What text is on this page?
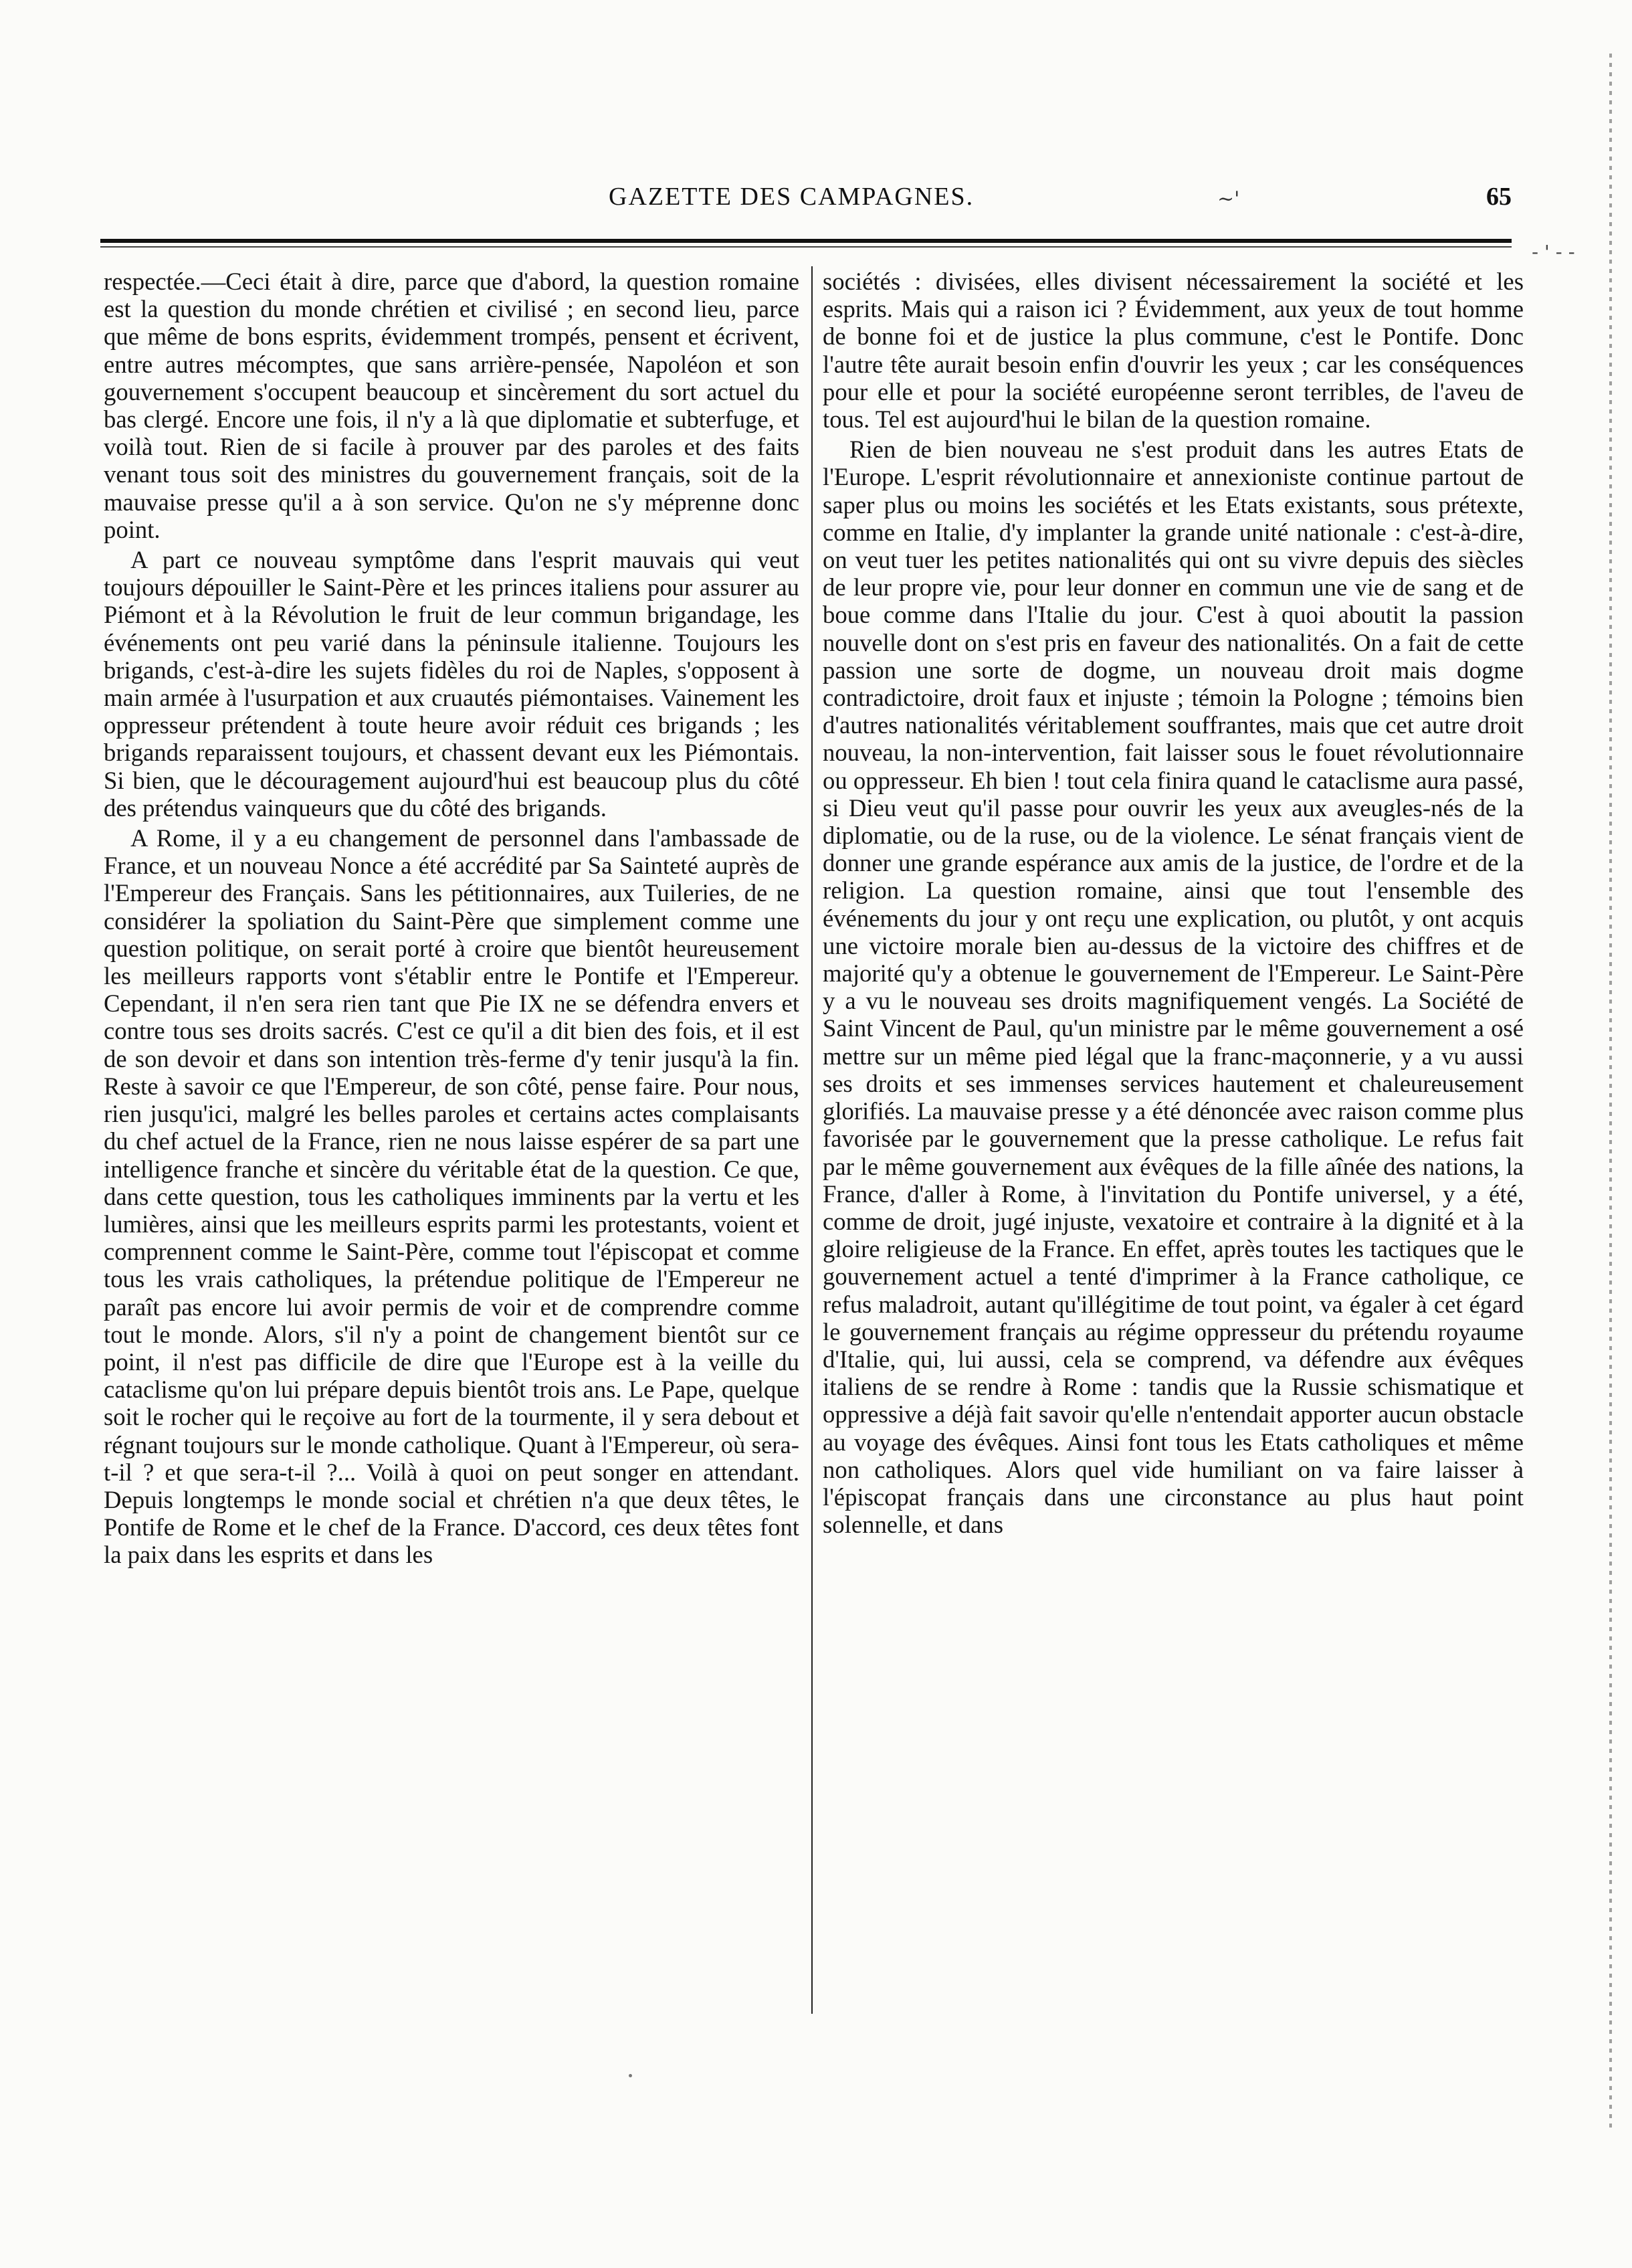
- ' - -
GAZETTE DES CAMPAGNES.	~'	65

respectée.—Ceci était à dire, parce que d'abord, la question romaine est la question du monde chrétien et civilisé ; en second lieu, parce que même de bons esprits, évidemment trompés, pensent et écrivent, entre autres mécomptes, que sans arrière-pensée, Napoléon et son gouvernement s'occupent beaucoup et sincèrement du sort actuel du bas clergé. Encore une fois, il n'y a là que diplomatie et subterfuge, et voilà tout. Rien de si facile à prouver par des paroles et des faits venant tous soit des ministres du gouvernement français, soit de la mauvaise presse qu'il a à son service. Qu'on ne s'y méprenne donc point.

A part ce nouveau symptôme dans l'esprit mauvais qui veut toujours dépouiller le Saint-Père et les princes italiens pour assurer au Piémont et à la Révolution le fruit de leur commun brigandage, les événements ont peu varié dans la péninsule italienne. Toujours les brigands, c'est-à-dire les sujets fidèles du roi de Naples, s'opposent à main armée à l'usurpation et aux cruautés piémontaises. Vainement les oppresseur prétendent à toute heure avoir réduit ces brigands ; les brigands reparaissent toujours, et chassent devant eux les Piémontais. Si bien, que le découragement aujourd'hui est beaucoup plus du côté des prétendus vainqueurs que du côté des brigands.

A Rome, il y a eu changement de personnel dans l'ambassade de France, et un nouveau Nonce a été accrédité par Sa Sainteté auprès de l'Empereur des Français. Sans les pétitionnaires, aux Tuileries, de ne considérer la spoliation du Saint-Père que simplement comme une question politique, on serait porté à croire que bientôt heureusement les meilleurs rapports vont s'établir entre le Pontife et l'Empereur. Cependant, il n'en sera rien tant que Pie IX ne se défendra envers et contre tous ses droits sacrés. C'est ce qu'il a dit bien des fois, et il est de son devoir et dans son intention très-ferme d'y tenir jusqu'à la fin. Reste à savoir ce que l'Empereur, de son côté, pense faire. Pour nous, rien jusqu'ici, malgré les belles paroles et certains actes complaisants du chef actuel de la France, rien ne nous laisse espérer de sa part une intelligence franche et sincère du véritable état de la question. Ce que, dans cette question, tous les catholiques imminents par la vertu et les lumières, ainsi que les meilleurs esprits parmi les protestants, voient et comprennent comme le Saint-Père, comme tout l'épiscopat et comme tous les vrais catholiques, la prétendue politique de l'Empereur ne paraît pas encore lui avoir permis de voir et de comprendre comme tout le monde. Alors, s'il n'y a point de changement bientôt sur ce point, il n'est pas difficile de dire que l'Europe est à la veille du cataclisme qu'on lui prépare depuis bientôt trois ans. Le Pape, quelque soit le rocher qui le reçoive au fort de la tourmente, il y sera debout et régnant toujours sur le monde catholique. Quant à l'Empereur, où sera-t-il ? et que sera-t-il ?... Voilà à quoi on peut songer en attendant. Depuis longtemps le monde social et chrétien n'a que deux têtes, le Pontife de Rome et le chef de la France. D'accord, ces deux têtes font la paix dans les esprits et dans les

sociétés : divisées, elles divisent nécessairement la société et les esprits. Mais qui a raison ici ? Évidemment, aux yeux de tout homme de bonne foi et de justice la plus commune, c'est le Pontife. Donc l'autre tête aurait besoin enfin d'ouvrir les yeux ; car les conséquences pour elle et pour la société européenne seront terribles, de l'aveu de tous. Tel est aujourd'hui le bilan de la question romaine.

Rien de bien nouveau ne s'est produit dans les autres Etats de l'Europe. L'esprit révolutionnaire et annexioniste continue partout de saper plus ou moins les sociétés et les Etats existants, sous prétexte, comme en Italie, d'y implanter la grande unité nationale : c'est-à-dire, on veut tuer les petites nationalités qui ont su vivre depuis des siècles de leur propre vie, pour leur donner en commun une vie de sang et de boue comme dans l'Italie du jour. C'est à quoi aboutit la passion nouvelle dont on s'est pris en faveur des nationalités. On a fait de cette passion une sorte de dogme, un nouveau droit mais dogme contradictoire, droit faux et injuste ; témoin la Pologne ; témoins bien d'autres nationalités véritablement souffrantes, mais que cet autre droit nouveau, la non-intervention, fait laisser sous le fouet révolutionnaire ou oppresseur. Eh bien ! tout cela finira quand le cataclisme aura passé, si Dieu veut qu'il passe pour ouvrir les yeux aux aveugles-nés de la diplomatie, ou de la ruse, ou de la violence. Le sénat français vient de donner une grande espérance aux amis de la justice, de l'ordre et de la religion. La question romaine, ainsi que tout l'ensemble des événements du jour y ont reçu une explication, ou plutôt, y ont acquis une victoire morale bien au-dessus de la victoire des chiffres et de majorité qu'y a obtenue le gouvernement de l'Empereur. Le Saint-Père y a vu le nouveau ses droits magnifiquement vengés. La Société de Saint Vincent de Paul, qu'un ministre par le même gouvernement a osé mettre sur un même pied légal que la franc-maçonnerie, y a vu aussi ses droits et ses immenses services hautement et chaleureusement glorifiés. La mauvaise presse y a été dénoncée avec raison comme plus favorisée par le gouvernement que la presse catholique. Le refus fait par le même gouvernement aux évêques de la fille aînée des nations, la France, d'aller à Rome, à l'invitation du Pontife universel, y a été, comme de droit, jugé injuste, vexatoire et contraire à la dignité et à la gloire religieuse de la France. En effet, après toutes les tactiques que le gouvernement actuel a tenté d'imprimer à la France catholique, ce refus maladroit, autant qu'illégitime de tout point, va égaler à cet égard le gouvernement français au régime oppresseur du prétendu royaume d'Italie, qui, lui aussi, cela se comprend, va défendre aux évêques italiens de se rendre à Rome : tandis que la Russie schismatique et oppressive a déjà fait savoir qu'elle n'entendait apporter aucun obstacle au voyage des évêques. Ainsi font tous les Etats catholiques et même non catholiques. Alors quel vide humiliant on va faire laisser à l'épiscopat français dans une circonstance au plus haut point solennelle, et dans
